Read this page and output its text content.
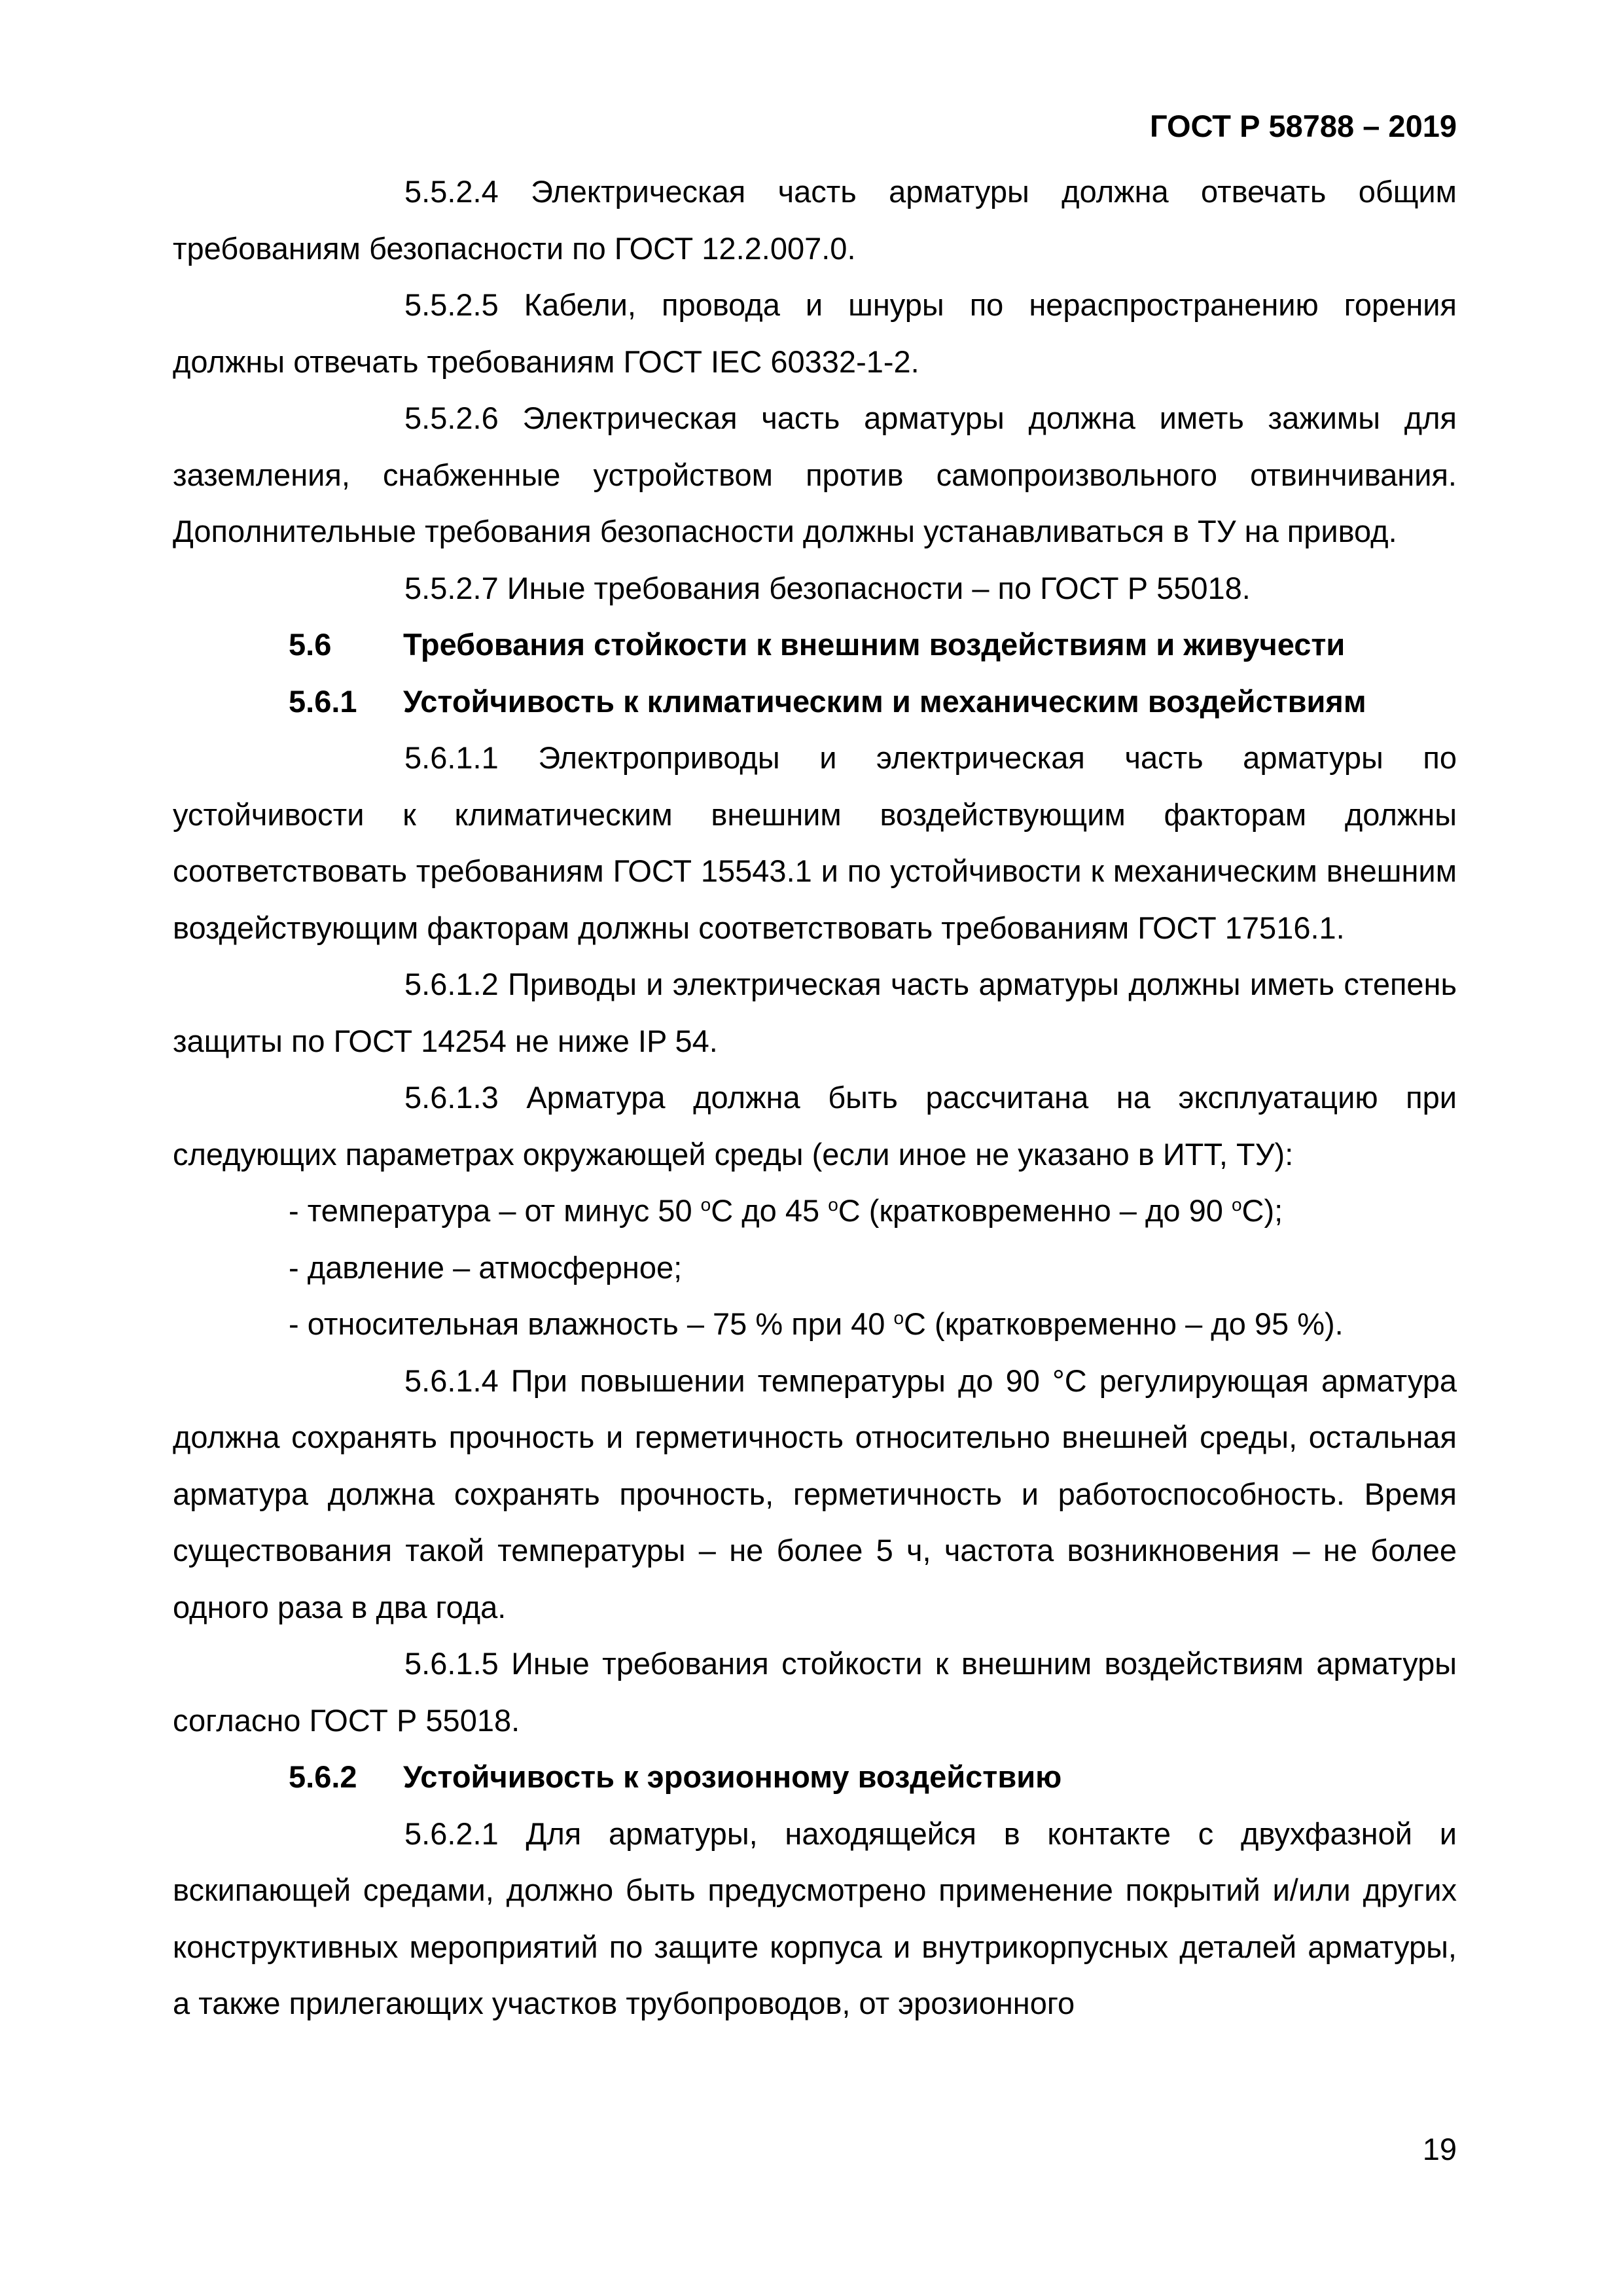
ГОСТ Р 58788 – 2019

5.5.2.4 Электрическая часть арматуры должна отвечать общим требованиям безопасности по ГОСТ 12.2.007.0.

5.5.2.5 Кабели, провода и шнуры по нераспространению горения должны отвечать требованиям ГОСТ IEC 60332-1-2.

5.5.2.6 Электрическая часть арматуры должна иметь зажимы для заземления, снабженные устройством против самопроизвольного отвинчивания. Дополнительные требования безопасности должны устанавливаться в ТУ на привод.

5.5.2.7 Иные требования безопасности – по ГОСТ Р 55018.

5.6 Требования стойкости к внешним воздействиям и живучести

5.6.1 Устойчивость к климатическим и механическим воздействиям

5.6.1.1 Электроприводы и электрическая часть арматуры по устойчивости к климатическим внешним воздействующим факторам должны соответствовать требованиям ГОСТ 15543.1 и по устойчивости к механическим внешним воздействующим факторам должны соответствовать требованиям ГОСТ 17516.1.

5.6.1.2 Приводы и электрическая часть арматуры должны иметь степень защиты по ГОСТ 14254 не ниже IP 54.

5.6.1.3 Арматура должна быть рассчитана на эксплуатацию при следующих параметрах окружающей среды (если иное не указано в ИТТ, ТУ):

- температура – от минус 50 $^о$С до 45 $^о$С (кратковременно – до 90 $^о$С);

- давление – атмосферное;

- относительная влажность – 75 % при 40 $^о$С (кратковременно – до 95 %).

5.6.1.4 При повышении температуры до 90 °С регулирующая арматура должна сохранять прочность и герметичность относительно внешней среды, остальная арматура должна сохранять прочность, герметичность и работоспособность. Время существования такой температуры – не более 5 ч, частота возникновения – не более одного раза в два года.

5.6.1.5 Иные требования стойкости к внешним воздействиям арматуры согласно ГОСТ Р 55018.

5.6.2 Устойчивость к эрозионному воздействию

5.6.2.1 Для арматуры, находящейся в контакте с двухфазной и вскипающей средами, должно быть предусмотрено применение покрытий и/или других конструктивных мероприятий по защите корпуса и внутрикорпусных деталей арматуры, а также прилегающих участков трубопроводов, от эрозионного

19
